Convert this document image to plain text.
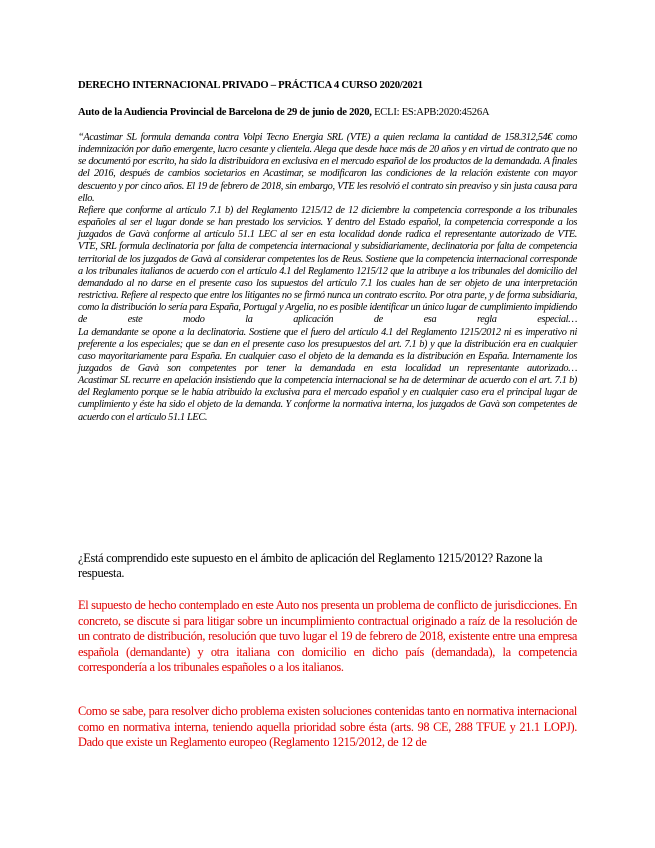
DERECHO INTERNACIONAL PRIVADO – PRÁCTICA 4 CURSO 2020/2021
Auto de la Audiencia Provincial de Barcelona de 29 de junio de 2020, ECLI: ES:APB:2020:4526A

“Acastimar SL formula demanda contra Volpi Tecno Energia SRL (VTE) a quien reclama la cantidad de 158.312,54€ como indemnización por daño emergente, lucro cesante y clientela. Alega que desde hace más de 20 años y en virtud de contrato que no se documentó por escrito, ha sido la distribuidora en exclusiva en el mercado español de los productos de la demandada. A finales del 2016, después de cambios societarios en Acastimar, se modificaron las condiciones de la relación existente con mayor descuento y por cinco años. El 19 de febrero de 2018, sin embargo, VTE les resolvió el contrato sin preaviso y sin justa causa para ello.

Refiere que conforme al artículo 7.1 b) del Reglamento 1215/12 de 12 diciembre la competencia corresponde a los tribunales españoles al ser el lugar donde se han prestado los servicios. Y dentro del Estado español, la competencia corresponde a los juzgados de Gavà conforme al artículo 51.1 LEC al ser en esta localidad donde radica el representante autorizado de VTE.

VTE, SRL formula declinatoria por falta de competencia internacional y subsidiariamente, declinatoria por falta de competencia territorial de los juzgados de Gavà al considerar competentes los de Reus. Sostiene que la competencia internacional corresponde a los tribunales italianos de acuerdo con el artículo 4.1 del Reglamento 1215/12 que la atribuye a los tribunales del domicilio del demandado al no darse en el presente caso los supuestos del artículo 7.1 los cuales han de ser objeto de una interpretación restrictiva. Refiere al respecto que entre los litigantes no se firmó nunca un contrato escrito. Por otra parte, y de forma subsidiaria, como la distribución lo sería para España, Portugal y Argelia, no es posible identificar un único lugar de cumplimiento impidiendo de este modo la aplicación de esa regla especial…

La demandante se opone a la declinatoria. Sostiene que el fuero del artículo 4.1 del Reglamento 1215/2012 ni es imperativo ni preferente a los especiales; que se dan en el presente caso los presupuestos del art. 7.1 b) y que la distribución era en cualquier caso mayoritariamente para España. En cualquier caso el objeto de la demanda es la distribución en España. Internamente los juzgados de Gavà son competentes por tener la demandada en esta localidad un representante autorizado…

Acastimar SL recurre en apelación insistiendo que la competencia internacional se ha de determinar de acuerdo con el art. 7.1 b) del Reglamento porque se le había atribuido la exclusiva para el mercado español y en cualquier caso era el principal lugar de cumplimiento y éste ha sido el objeto de la demanda. Y conforme la normativa interna, los juzgados de Gavà son competentes de acuerdo con el artículo 51.1 LEC.

¿Está comprendido este supuesto en el ámbito de aplicación del Reglamento 1215/2012? Razone la respuesta.
El supuesto de hecho contemplado en este Auto nos presenta un problema de conflicto de jurisdicciones. En concreto, se discute si para litigar sobre un incumplimiento contractual originado a raíz de la resolución de un contrato de distribución, resolución que tuvo lugar el 19 de febrero de 2018, existente entre una empresa española (demandante) y otra italiana con domicilio en dicho país (demandada), la competencia correspondería a los tribunales españoles o a los italianos.
Como se sabe, para resolver dicho problema existen soluciones contenidas tanto en normativa internacional como en normativa interna, teniendo aquella prioridad sobre ésta (arts. 98 CE, 288 TFUE y 21.1 LOPJ). Dado que existe un Reglamento europeo (Reglamento 1215/2012, de 12 de
